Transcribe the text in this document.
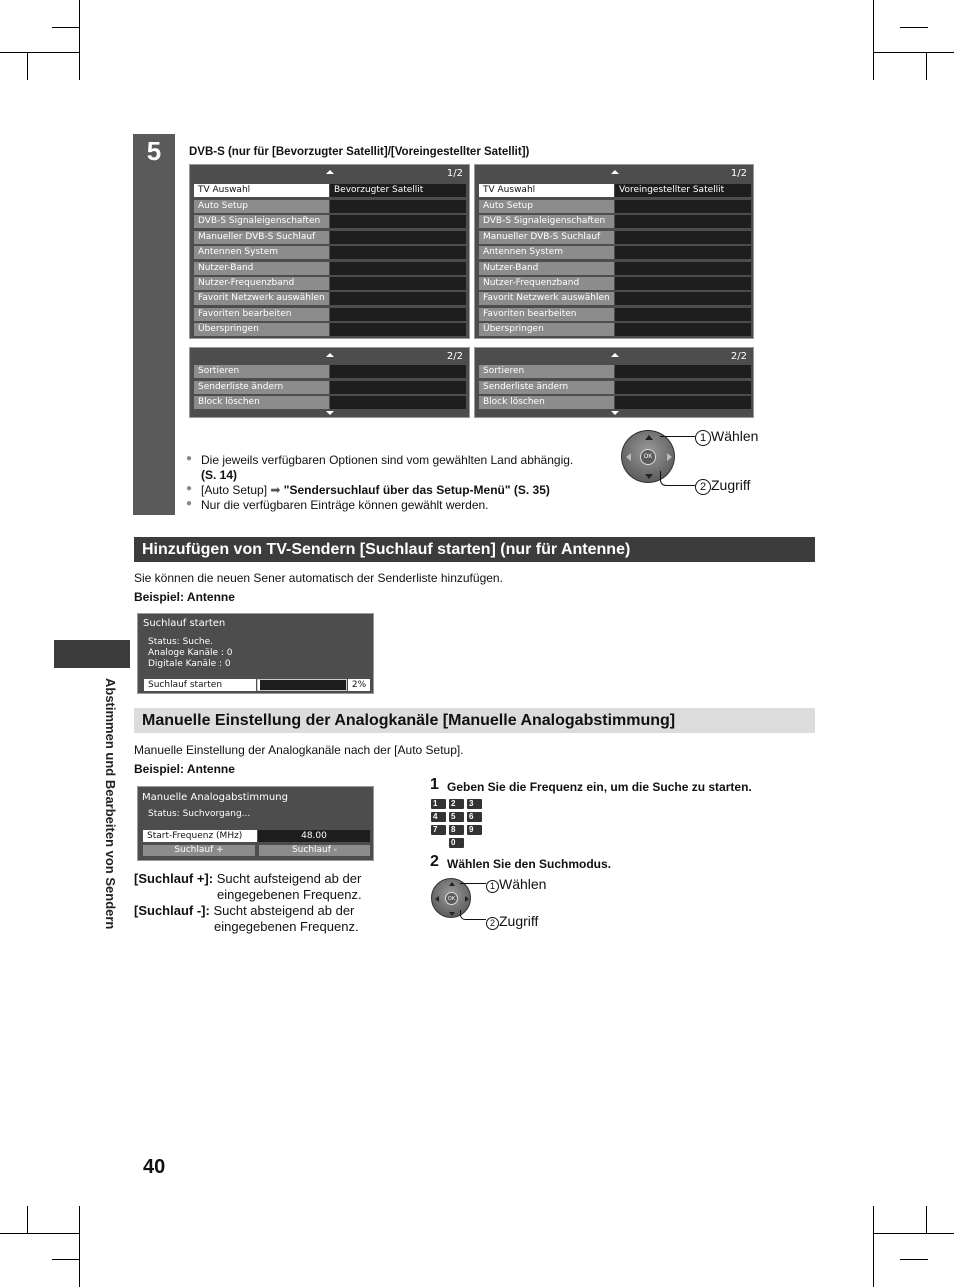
5	DVB-S (nur für [Bevorzugter Satellit]/[Voreingestellter Satellit])
1/2
TV Auswahl	Bevorzugter Satellit
Auto Setup
DVB-S Signaleigenschaften
Manueller DVB-S Suchlauf
Antennen System
Nutzer-Band
Nutzer-Frequenzband
Favorit Netzwerk auswählen
Favoriten bearbeiten
Überspringen
1/2
TV Auswahl	Voreingestellter Satellit
Auto Setup
DVB-S Signaleigenschaften
Manueller DVB-S Suchlauf
Antennen System
Nutzer-Band
Nutzer-Frequenzband
Favorit Netzwerk auswählen
Favoriten bearbeiten
Überspringen
2/2
Sortieren
Senderliste ändern
Block löschen
2/2
Sortieren
Senderliste ändern
Block löschen
● Die jeweils verfügbaren Optionen sind vom gewählten Land abhängig.
(S. 14)
● [Auto Setup] ➡ "Sendersuchlauf über das Setup-Menü" (S. 35)
● Nur die verfügbaren Einträge können gewählt werden.
OK
1 Wählen
2 Zugriff
Hinzufügen von TV-Sendern [Suchlauf starten] (nur für Antenne)
Sie können die neuen Sener automatisch der Senderliste hinzufügen.
Beispiel: Antenne
Suchlauf starten
Status: Suche.
Analoge Kanäle : 0
Digitale Kanäle : 0
Suchlauf starten	2%
Abstimmen und Bearbeiten von Sendern	Manuelle Einstellung der Analogkanäle [Manuelle Analogabstimmung]
Manuelle Einstellung der Analogkanäle nach der [Auto Setup].
Beispiel: Antenne
Manuelle Analogabstimmung
Status: Suchvorgang...
Start-Frequenz (MHz)	48.00
Suchlauf +	Suchlauf -
[Suchlauf +]: Sucht aufsteigend ab der
eingegebenen Frequenz.
[Suchlauf -]: Sucht absteigend ab der
eingegebenen Frequenz.
1 Geben Sie die Frequenz ein, um die Suche zu starten.
1	2	3
4	5	6
7	8	9
0
2 Wählen Sie den Suchmodus.
OK
1 Wählen
2 Zugriff
40
